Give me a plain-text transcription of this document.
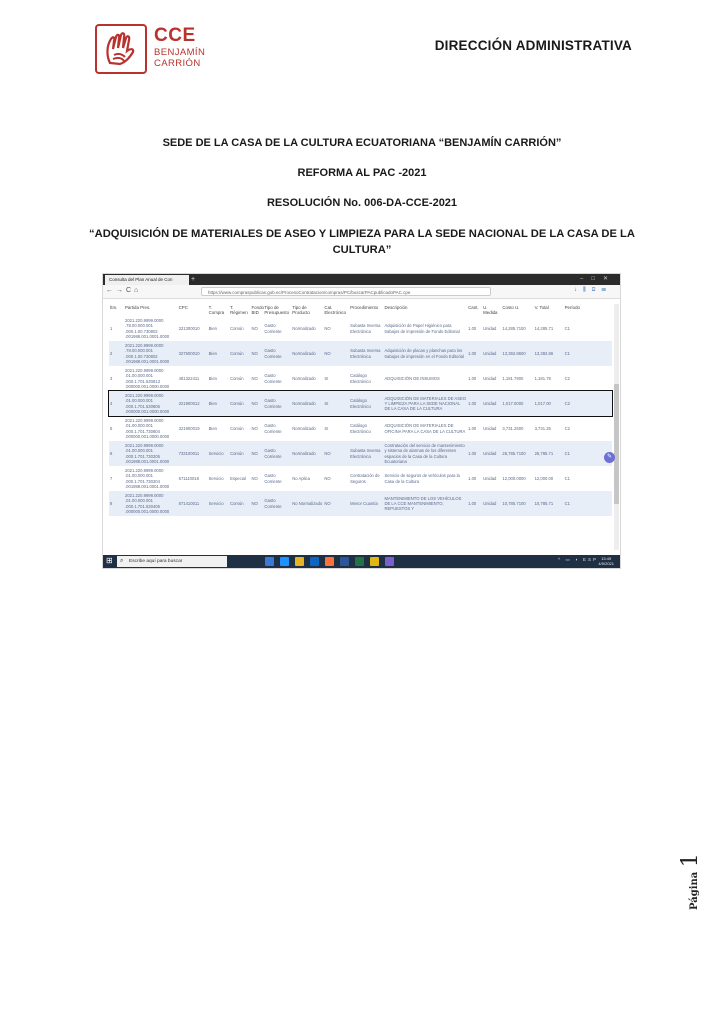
CCE
BENJAMÍN
CARRIÓN
DIRECCIÓN ADMINISTRATIVA
SEDE DE LA CASA DE LA CULTURA ECUATORIANA “BENJAMÍN CARRIÓN”
REFORMA AL PAC -2021
RESOLUCIÓN No. 006-DA-CCE-2021
“ADQUISICIÓN DE MATERIALES DE ASEO Y LIMPIEZA PARA LA SEDE NACIONAL DE LA CASA DE LA CULTURA”
Consulta del Plan Anual de Con	+	–□✕
←→C⌂	https://www.compraspublicas.gob.ec/ProcesoContratacion/compras/PC/buscarPACpublicadoPAC.cpe	↓⫼⊡☰
Ítm.	Partida Pres.	CPC	T. Compra	T. Régimen	Fondo BID	Tipo de Presupuesto	Tipo de Producto	Cat. Electrónico	Procedimiento	Descripción	Cant.	U. Medida	Costo U.	V. Total	Período
1	2021.220.9999.0000 .78.00.000.001 .000.1.00.730802 .001988.001.0001.0000	321300010	Bien	Común	NO	Gasto Corriente	Normalizado	NO	Subasta Inversa Electrónica	Adquisición de Papel Higiénico para trabajos de impresión de Fondo Editorial	1.00	Unidad	14,285.7100	14,285.71	C1
2	2021.220.9999.0000 .78.00.000.001 .000.1.00.730802 .001988.001.0001.0000	327500010	Bien	Común	NO	Gasto Corriente	Normalizado	NO	Subasta Inversa Electrónica	Adquisición de placas y planchas para los trabajos de impresión en el Fondo Editorial	1.00	Unidad	13,392.8600	13,392.86	C1
3	2021.220.9999.0000 .01.00.000.001 .000.1.701.530813 .000000.001.0000.0000	481322411	Bien	Común	NO	Gasto Corriente	Normalizado	SI	Catálogo Electrónico	ADQUISICIÓN DE INSUMOS	1.00	Unidad	1,181.7900	1,181.79	C2
4	2021.220.9999.0000 .01.00.000.001 .000.1.701.530805 .000000.001.0000.0000	321900012	Bien	Común	NO	Gasto Corriente	Normalizado	SI	Catálogo Electrónico	ADQUISICIÓN DE MATERIALES DE ASEO Y LIMPIEZA PARA LA SEDE NACIONAL DE LA CASA DE LA CULTURA	1.00	Unidad	1,017.0000	1,017.00	C2
5	2021.220.9999.0000 .01.00.000.001 .000.1.701.730804 .000000.001.0000.0000	321900019	Bien	Común	NO	Gasto Corriente	Normalizado	SI	Catálogo Electrónico	ADQUISICIÓN DE MATERIALES DE OFICINA PARA LA CASA DE LA CULTURA	1.00	Unidad	3,731.2500	3,731.25	C2
6	2021.220.9999.0000 .01.00.000.001 .000.1.701.730205 .001988.001.0001.0000	733100011	Servicio	Común	NO	Gasto Corriente	Normalizado	NO	Subasta Inversa Electrónica	Contratación del servicio de mantenimiento y sistema de alarmas de los diferentes espacios de la Casa de la Cultura Ecuatoriana	1.00	Unidad	26,785.7100	26,785.71	C1
7	2021.220.9999.0000 .01.00.000.001 .000.1.701.730204 .001988.001.0001.0000	671110018	Servicio	Especial	NO	Gasto Corriente	No Aplica	NO	Contratación de Seguros	Servicio de seguros de vehículos para la Casa de la Cultura	1.00	Unidad	12,000.0000	12,000.00	C1
8	2021.220.9999.0000 .01.00.000.001 .000.1.701.530405 .000000.001.0000.0000	871410011	Servicio	Común	NO	Gasto Corriente	No Normalizado	NO	Menor Cuantía	MANTENIMIENTO DE LOS VEHÍCULOS DE LA CCE MANTENIMIENTO, REPUESTOS Y	1.00	Unidad	10,785.7100	10,785.71	C1
✎
⊞ ⌕ Escribe aquí para buscar	^ ▭ ◗ ESP 13:49
4/5/2021
Página 1
